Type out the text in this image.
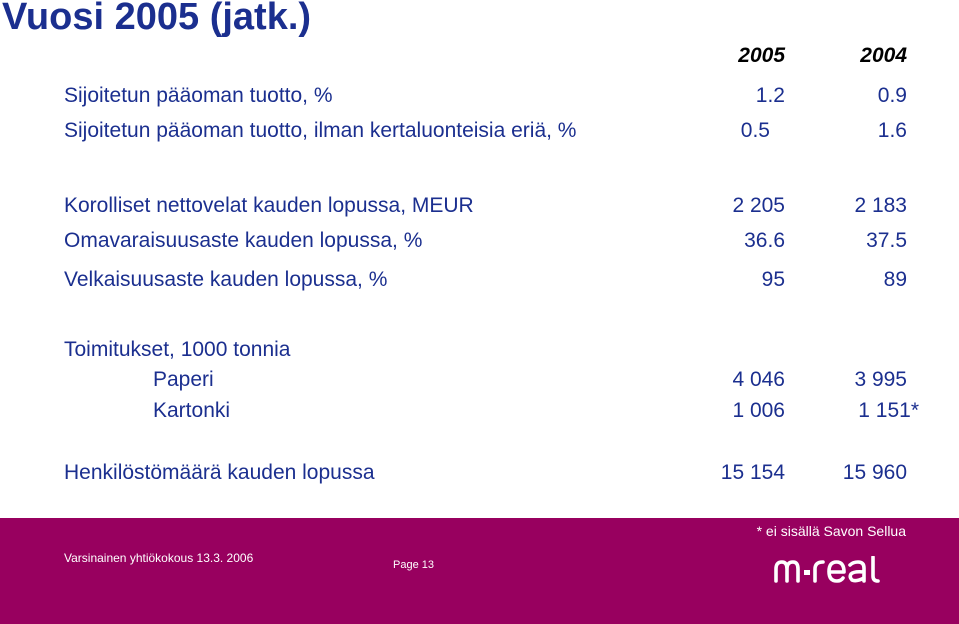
Vuosi 2005 (jatk.)
2005	2004
Sijoitetun pääoman tuotto, %	1.2	0.9
Sijoitetun pääoman tuotto, ilman kertaluonteisia eriä, %	0.5	1.6
Korolliset nettovelat kauden lopussa, MEUR	2 205	2 183
Omavaraisuusaste kauden lopussa, %	36.6	37.5
Velkaisuusaste kauden lopussa, %	95	89
Toimitukset, 1000 tonnia
Paperi	4 046	3 995
Kartonki	1 006	1 151*
Henkilöstömäärä kauden lopussa	15 154	15 960
* ei sisällä Savon Sellua
Varsinainen yhtiökokous 13.3. 2006	Page 13
